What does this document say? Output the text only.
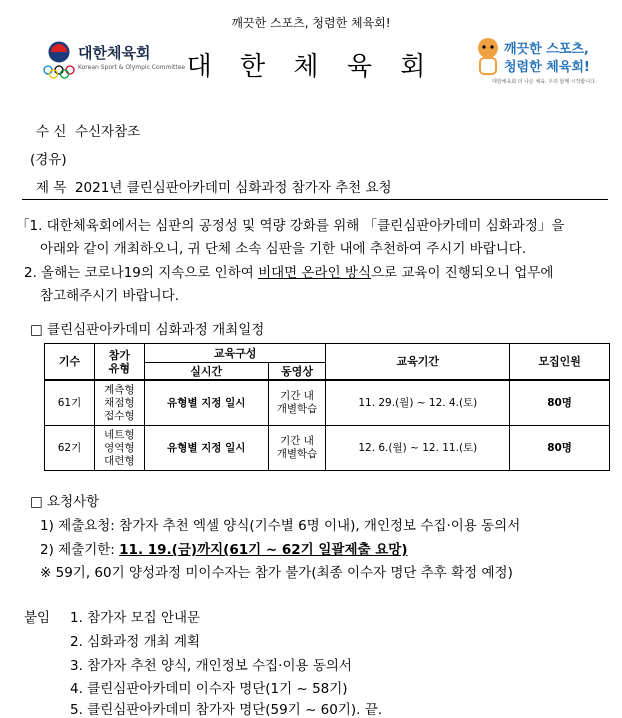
깨끗한 스포츠, 청렴한 체육회!
대한체육회
Korean Sport & Olympic Committee 대 한 체 육 회
깨끗한 스포츠,
청렴한 체육회!
대한체육회 더 나은 체육, 우리 함께 시작합니다.
수 신 수신자참조
(경유)
제 목 2021년 클린심판아카데미 심화과정 참가자 추천 요청
「1. 대한체육회에서는 심판의 공정성 및 역량 강화를 위해 「클린심판아카데미 심화과정」을
아래와 같이 개최하오니, 귀 단체 소속 심판을 기한 내에 추천하여 주시기 바랍니다.
2. 올해는 코로나19의 지속으로 인하여 비대면 온라인 방식으로 교육이 진행되오니 업무에
참고해주시기 바랍니다.
□ 클린심판아카데미 심화과정 개최일정
기수	참가
유형	교육구성		교육기간	모집인원
		실시간	동영상		
61기	계측형
채점형
접수형	유형별 지정 일시	기간 내
개별학습	11. 29.(월) ~ 12. 4.(토)	80명
62기	네트형
영역형
대련형	유형별 지정 일시	기간 내
개별학습	12. 6.(월) ~ 12. 11.(토)	80명
□ 요청사항
1) 제출요청: 참가자 추천 엑셀 양식(기수별 6명 이내), 개인정보 수집·이용 동의서
2) 제출기한: 11. 19.(금)까지(61기 ~ 62기 일괄제출 요망)
※ 59기, 60기 양성과정 미이수자는 참가 불가(최종 이수자 명단 추후 확정 예정)
붙임 1. 참가자 모집 안내문
2. 심화과정 개최 계획
3. 참가자 추천 양식, 개인정보 수집·이용 동의서
4. 클린심판아카데미 이수자 명단(1기 ~ 58기)
5. 클린심판아카데미 참가자 명단(59기 ~ 60기). 끝.
